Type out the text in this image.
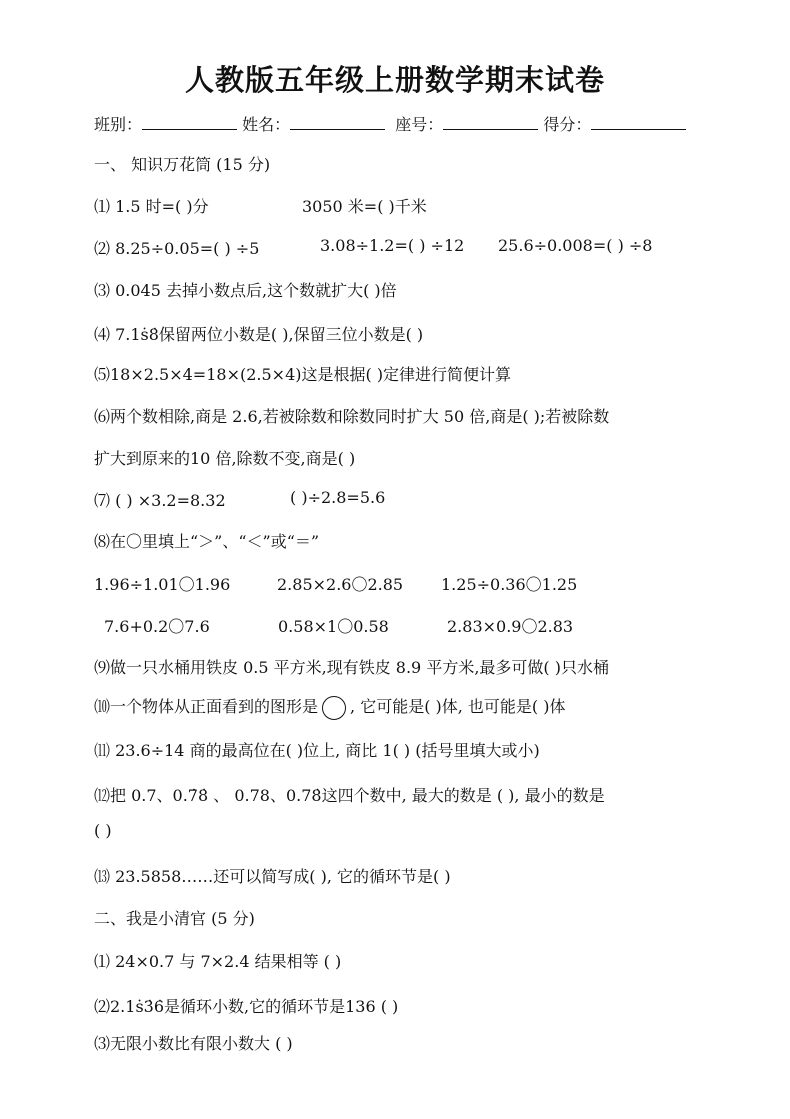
人教版五年级上册数学期末试卷
班别：	姓名：	座号：	得分：
一、 知识万花筒 (15 分)
⑴ 1.5 时=( )分	3050 米=( )千米
⑵ 8.25÷0.05=( ) ÷5	3.08÷1.2=( ) ÷12 25.6÷0.008=( ) ÷8
⑶ 0.045 去掉小数点后,这个数就扩大( )倍
⑷ 7.1ṡ8̇保留两位小数是( ),保留三位小数是( )
⑸18×2.5×4=18×(2.5×4)这是根据( )定律进行简便计算
⑹两个数相除,商是 2.6,若被除数和除数同时扩大 50 倍,商是( );若被除数
扩大到原来的10 倍,除数不变,商是( )
⑺ ( ) ×3.2=8.32	( )÷2.8=5.6
⑻在〇里填上“＞”、“＜”或“＝”
1.96÷1.01〇1.96	2.85×2.6〇2.85 1.25÷0.36〇1.25
7.6+0.2〇7.6	0.58×1〇0.58	2.83×0.9〇2.83
⑼做一只水桶用铁皮 0.5 平方米,现有铁皮 8.9 平方米,最多可做( )只水桶
⑽一个物体从正面看到的图形是 , 它可能是( )体, 也可能是( )体
⑾ 23.6÷14 商的最高位在( )位上, 商比 1( ) (括号里填大或小)
⑿把 0.7、0.7̇8̇ 、 0.78、0.78̇这四个数中, 最大的数是 ( ), 最小的数是
( )
⒀ 23.5858……还可以简写成( ), 它的循环节是( )
二、我是小清官 (5 分)
⑴ 24×0.7 与 7×2.4 结果相等 ( )
⑵2.1ṡ3̇6̇是循环小数,它的循环节是136 ( )
⑶无限小数比有限小数大 ( )
